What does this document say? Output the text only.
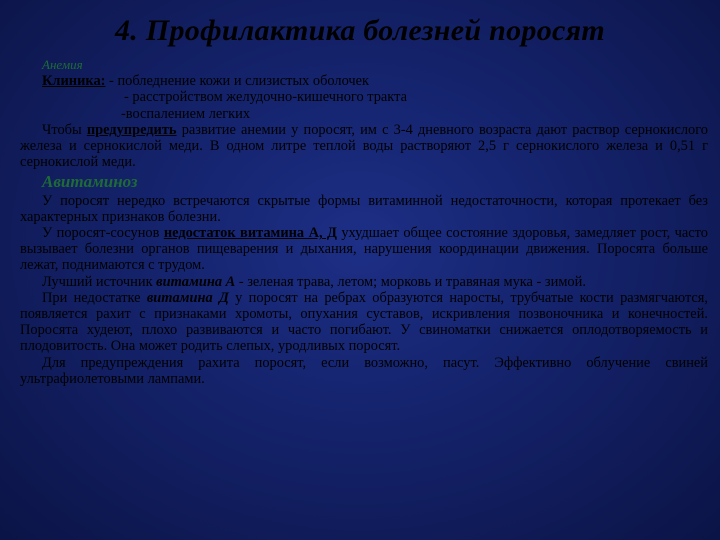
4. Профилактика болезней поросят
Анемия
Клиника: - побледнение кожи и слизистых оболочек
- расстройством желудочно-кишечного тракта
-воспалением легких

Чтобы предупредить развитие анемии у поросят, им с 3-4 дневного возраста дают раствор сернокислого железа и сернокислой меди. В одном литре теплой воды растворяют 2,5 г сернокислого железа и 0,51 г сернокислой меди.

Авитаминоз

У поросят нередко встречаются скрытые формы витаминной недостаточности, которая протекает без характерных признаков болезни.

У поросят-сосунов недостаток витамина А, Д ухудшает общее состояние здоровья, замедляет рост, часто вызывает болезни органов пищеварения и дыхания, нарушения координации движения. Поросята больше лежат, поднимаются с трудом.

Лучший источник витамина А - зеленая трава, летом; морковь и травяная мука - зимой.

При недостатке витамина Д у поросят на ребрах образуются наросты, трубчатые кости размягчаются, появляется рахит с признаками хромоты, опухания суставов, искривления позвоночника и конечностей. Поросята худеют, плохо развиваются и часто погибают. У свиноматки снижается оплодотворяемость и плодовитость. Она может родить слепых, уродливых поросят.

Для предупреждения рахита поросят, если возможно, пасут. Эффективно облучение свиней ультрафиолетовыми лампами.
